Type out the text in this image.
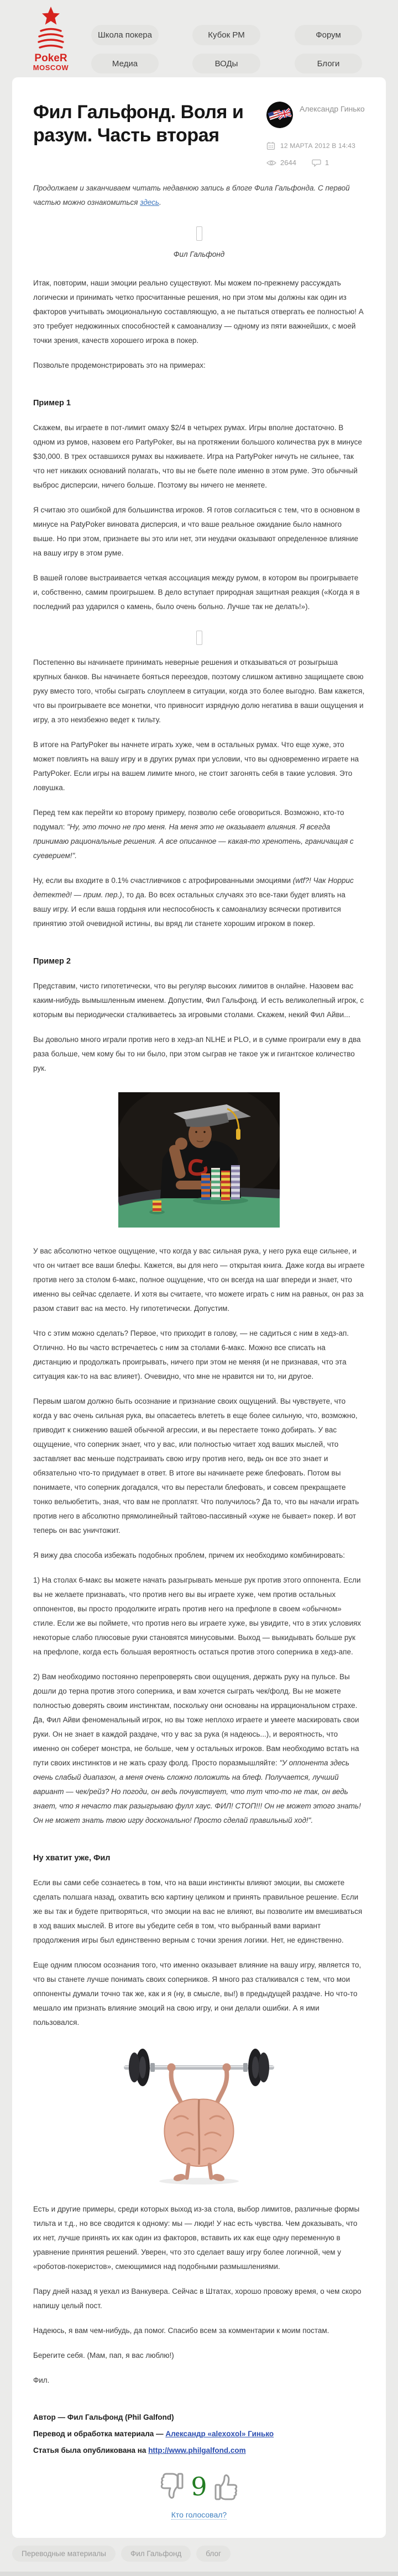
PokeR
MOSCOW
Школа покера	Кубок РМ	Форум
Медиа	ВОДы	Блоги
Фил Гальфонд. Воля и разум. Часть вторая
Александр Гинько
12 МАРТА 2012 В 14:43
2644	1

Продолжаем и заканчиваем читать недавнюю запись в блоге Фила Гальфонда. С первой частью можно ознакомиться здесь.

Фил Гальфонд

Итак, повторим, наши эмоции реально существуют. Мы можем по-прежнему рассуждать логически и принимать четко просчитанные решения, но при этом мы должны как один из факторов учитывать эмоциональную составляющую, а не пытаться отвергать ее полностью! А это требует недюжинных способностей к самоанализу — одному из пяти важнейших, с моей точки зрения, качеств хорошего игрока в покер.

Позвольте продемонстрировать это на примерах:

Пример 1

Скажем, вы играете в пот-лимит омаху $2/4 в четырех румах. Игры вполне достаточно. В одном из румов, назовем его PartyPoker, вы на протяжении большого количества рук в минусе $30,000. В трех оставшихся румах вы наживаете. Игра на PartyPoker ничуть не сильнее, так что нет никаких оснований полагать, что вы не бьете поле именно в этом руме. Это обычный выброс дисперсии, ничего больше. Поэтому вы ничего не меняете.

Я считаю это ошибкой для большинства игроков. Я готов согласиться с тем, что в основном в минусе на PatyPoker виновата дисперсия, и что ваше реальное ожидание было намного выше. Но при этом, признаете вы это или нет, эти неудачи оказывают определенное влияние на вашу игру в этом руме.

В вашей голове выстраивается четкая ассоциация между румом, в котором вы проигрываете и, собственно, самим проигрышем. В дело вступает природная защитная реакция («Когда я в последний раз ударился о камень, было очень больно. Лучше так не делать!»).

Постепенно вы начинаете принимать неверные решения и отказываться от розыгрыша крупных банков. Вы начинаете бояться переездов, поэтому слишком активно защищаете свою руку вместо того, чтобы сыграть слоуплеем в ситуации, когда это более выгодно. Вам кажется, что вы проигрываете все монетки, что привносит изрядную долю негатива в ваши ощущения и игру, а это неизбежно ведет к тильту.

В итоге на PartyPoker вы начнете играть хуже, чем в остальных румах. Что еще хуже, это может повлиять на вашу игру и в других румах при условии, что вы одновременно играете на PartyPoker. Если игры на вашем лимите много, не стоит загонять себя в такие условия. Это ловушка.

Перед тем как перейти ко второму примеру, позволю себе оговориться. Возможно, кто-то подумал: "Ну, это точно не про меня. На меня это не оказывает влияния. Я всегда принимаю рациональные решения. А все описанное — какая-то хренотень, граничащая с суеверием!".

Ну, если вы входите в 0.1% счастливчиков с атрофированными эмоциями (wtf?! Чак Норрис детектед! — прим. пер.), то да. Во всех остальных случаях это все-таки будет влиять на вашу игру. И если ваша гордыня или неспособность к самоанализу всячески противится принятию этой очевидной истины, вы вряд ли станете хорошим игроком в покер.

Пример 2

Представим, чисто гипотетически, что вы регуляр высоких лимитов в онлайне. Назовем вас каким-нибудь вымышленным именем. Допустим, Фил Гальфонд. И есть великолепный игрок, с которым вы периодически сталкиваетесь за игровыми столами. Скажем, некий Фил Айви...

Вы довольно много играли против него в хедз-ап NLHE и PLO, и в сумме проиграли ему в два раза больше, чем кому бы то ни было, при этом сыграв не такое уж и гигантское количество рук.

У вас абсолютно четкое ощущение, что когда у вас сильная рука, у него рука еще сильнее, и что он читает все ваши блефы. Кажется, вы для него — открытая книга. Даже когда вы играете против него за столом 6-макс, полное ощущение, что он всегда на шаг впереди и знает, что именно вы сейчас сделаете. И хотя вы считаете, что можете играть с ним на равных, он раз за разом ставит вас на место. Ну гипотетически. Допустим.

Что с этим можно сделать? Первое, что приходит в голову, — не садиться с ним в хедз-ап. Отлично. Но вы часто встречаетесь с ним за столами 6-макс. Можно все списать на дистанцию и продолжать проигрывать, ничего при этом не меняя (и не признавая, что эта ситуация как-то на вас влияет). Очевидно, что мне не нравится ни то, ни другое.

Первым шагом должно быть осознание и признание своих ощущений. Вы чувствуете, что когда у вас очень сильная рука, вы опасаетесь влететь в еще более сильную, что, возможно, приводит к снижению вашей обычной агрессии, и вы перестаете тонко добирать. У вас ощущение, что соперник знает, что у вас, или полностью читает ход ваших мыслей, что заставляет вас меньше подстраивать свою игру против него, ведь он все это знает и обязательно что-то придумает в ответ. В итоге вы начинаете реже блефовать. Потом вы понимаете, что соперник догадался, что вы перестали блефовать, и совсем прекращаете тонко вельюбетить, зная, что вам не проплатят. Что получилось? Да то, что вы начали играть против него в абсолютно прямолинейный тайтово-пассивный «хуже не бывает» покер. И вот теперь он вас уничтожит.

Я вижу два способа избежать подобных проблем, причем их необходимо комбинировать:

1) На столах 6-макс вы можете начать разыгрывать меньше рук против этого оппонента. Если вы не желаете признавать, что против него вы вы играете хуже, чем против остальных оппонентов, вы просто продолжите играть против него на префлопе в своем «обычном» стиле. Если же вы поймете, что против него вы играете хуже, вы увидите, что в этих условиях некоторые слабо плюсовые руки становятся минусовыми. Выход — выкидывать больше рук на префлопе, когда есть большая вероятность остаться против этого соперника в хедз-апе.

2) Вам необходимо постоянно перепроверять свои ощущения, держать руку на пульсе. Вы дошли до терна против этого соперника, и вам хочется сыграть чек/фолд. Вы не можете полностью доверять своим инстинктам, поскольку они основаны на иррациональном страхе. Да, Фил Айви феноменальный игрок, но вы тоже неплохо играете и умеете маскировать свои руки. Он не знает в каждой раздаче, что у вас за рука (я надеюсь...), и вероятность, что именно он соберет монстра, не больше, чем у остальных игроков. Вам необходимо встать на пути своих инстинктов и не жать сразу фолд. Просто поразмышляйте: "У оппонента здесь очень слабый диапазон, а меня очень сложно положить на блеф. Получается, лучший вариант — чек/рейз? Но погоди, он ведь почувствует, что тут что-то не так, он ведь знает, что я нечасто так разыгрываю фулл хаус. ФИЛ! СТОП!!! Он не может этого знать! Он не может знать твою игру досконально! Просто сделай правильный ход!".

Ну хватит уже, Фил

Если вы сами себе сознаетесь в том, что на ваши инстинкты влияют эмоции, вы сможете сделать полшага назад, охватить всю картину целиком и принять правильное решение. Если же вы так и будете притворяться, что эмоции на вас не влияют, вы позволите им вмешиваться в ход ваших мыслей. В итоге вы убедите себя в том, что выбранный вами вариант продолжения игры был единственно верным с точки зрения логики. Нет, не единственно.

Еще одним плюсом осознания того, что именно оказывает влияние на вашу игру, является то, что вы станете лучше понимать своих соперников. Я много раз сталкивался с тем, что мои оппоненты думали точно так же, как и я (ну, в смысле, вы!) в предыдущей раздаче. Но что-то мешало им признать влияние эмоций на свою игру, и они делали ошибки. А я ими пользовался.

Есть и другие примеры, среди которых выход из-за стола, выбор лимитов, различные формы тильта и т.д., но все сводится к одному: мы — люди! У нас есть чувства. Чем доказывать, что их нет, лучше принять их как один из факторов, вставить их как еще одну переменную в уравнение принятия решений. Уверен, что это сделает вашу игру более логичной, чем у «роботов-покеристов», смеющимися над подобными размышлениями.

Пару дней назад я уехал из Ванкувера. Сейчас в Штатах, хорошо провожу время, о чем скоро напишу целый пост.

Надеюсь, я вам чем-нибудь, да помог. Спасибо всем за комментарии к моим постам.

Берегите себя. (Мам, пап, я вас люблю!)

Фил.

Автор — Фил Гальфонд (Phil Galfond)

Перевод и обработка материала — Александр «alexoxol» Гинько

Статья была опубликована на http://www.philgalfond.com

9
Кто голосовал?
Переводные материалы	Фил Гальфонд	блог
